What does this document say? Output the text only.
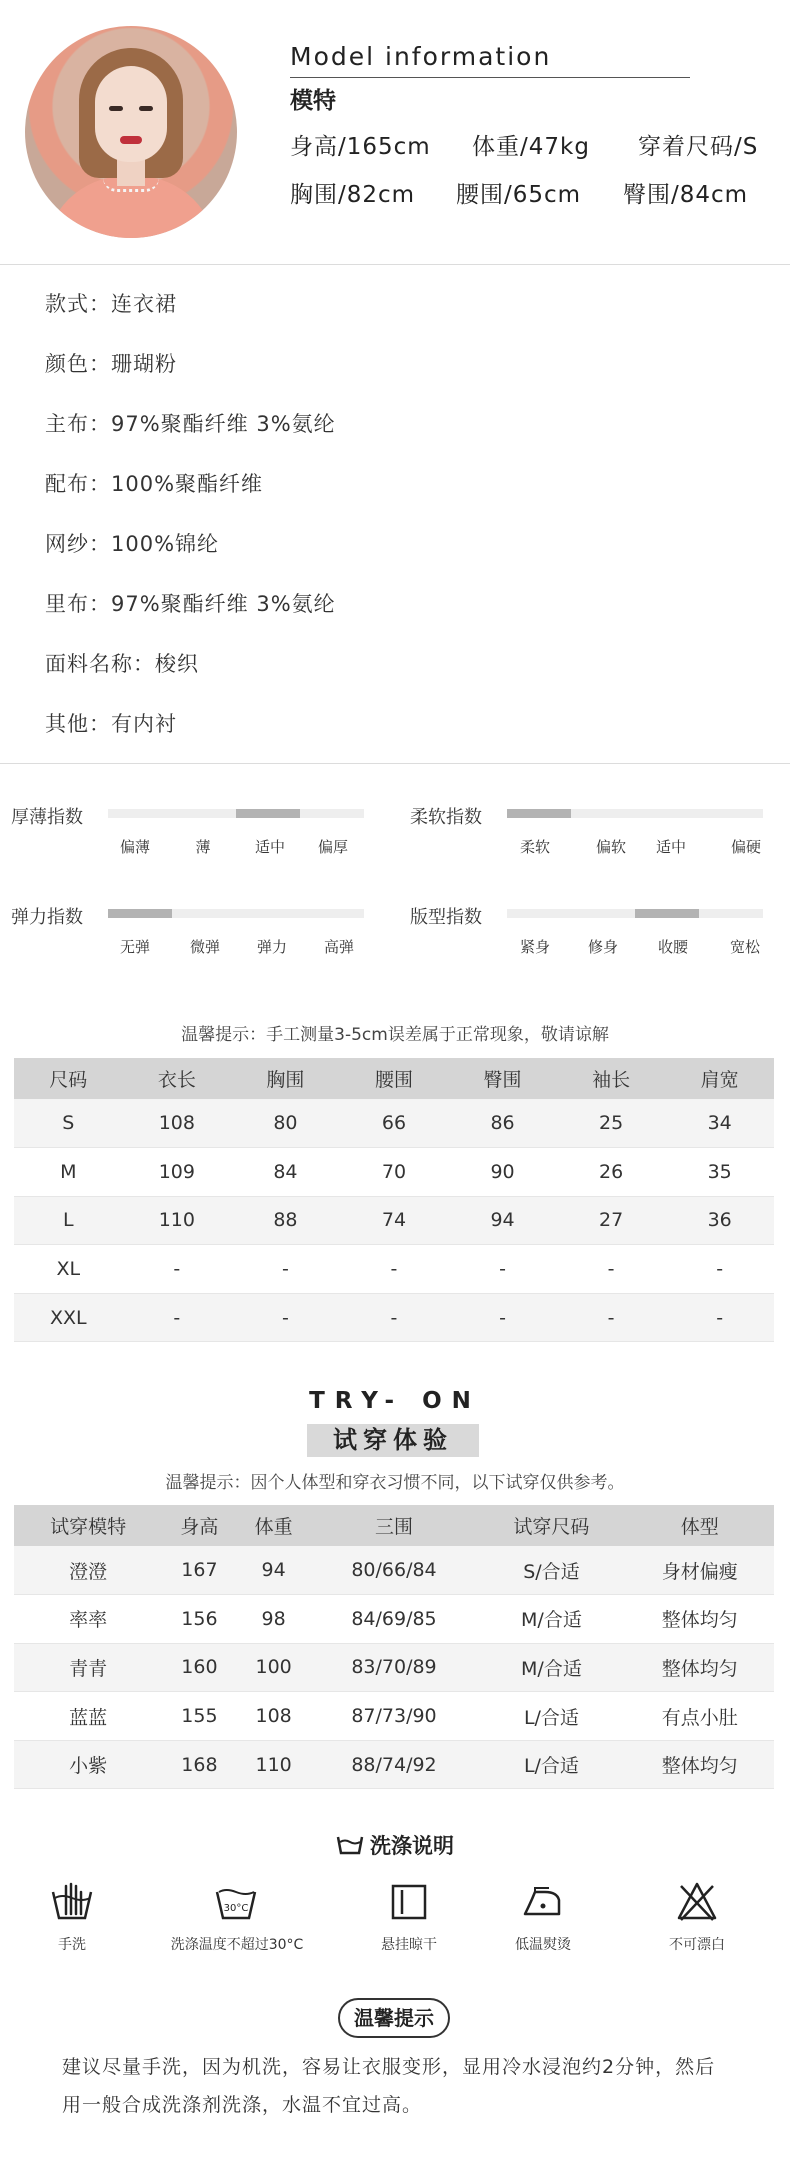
Model information
模特
身高/165cm 体重/47kg 穿着尺码/S
胸围/82cm 腰围/65cm 臀围/84cm
款式：连衣裙
颜色：珊瑚粉
主布：97%聚酯纤维 3%氨纶
配布：100%聚酯纤维
网纱：100%锦纶
里布：97%聚酯纤维 3%氨纶
面料名称：梭织
其他：有内衬
厚薄指数
偏薄	薄	适中 偏厚
柔软指数
柔软	偏软 适中	偏硬
弹力指数
无弹	微弹 弹力 高弹
版型指数
紧身	修身	收腰	宽松
温馨提示：手工测量3-5cm误差属于正常现象，敬请谅解
尺码	衣长	胸围	腰围	臀围	袖长	肩宽
S	108	80	66	86	25	34
M	109	84	70	90	26	35
L	110	88	74	94	27	36
XL	-	-	-	-	-	-
XXL	-	-	-	-	-	-
TRY- ON
试穿体验
温馨提示：因个人体型和穿衣习惯不同，以下试穿仅供参考。
试穿模特	身高	体重	三围	试穿尺码	体型
澄澄	167	94	80/66/84	S/合适	身材偏瘦
率率	156	98	84/69/85	M/合适	整体均匀
青青	160	100	83/70/89	M/合适	整体均匀
蓝蓝	155	108	87/73/90	L/合适	有点小肚
小紫	168	110	88/74/92	L/合适	整体均匀
洗涤说明
手洗
30°C
洗涤温度不超过30°C	悬挂晾干	低温熨烫	不可漂白
温馨提示
建议尽量手洗，因为机洗，容易让衣服变形，显用冷水浸泡约2分钟，然后
用一般合成洗涤剂洗涤，水温不宜过高。
